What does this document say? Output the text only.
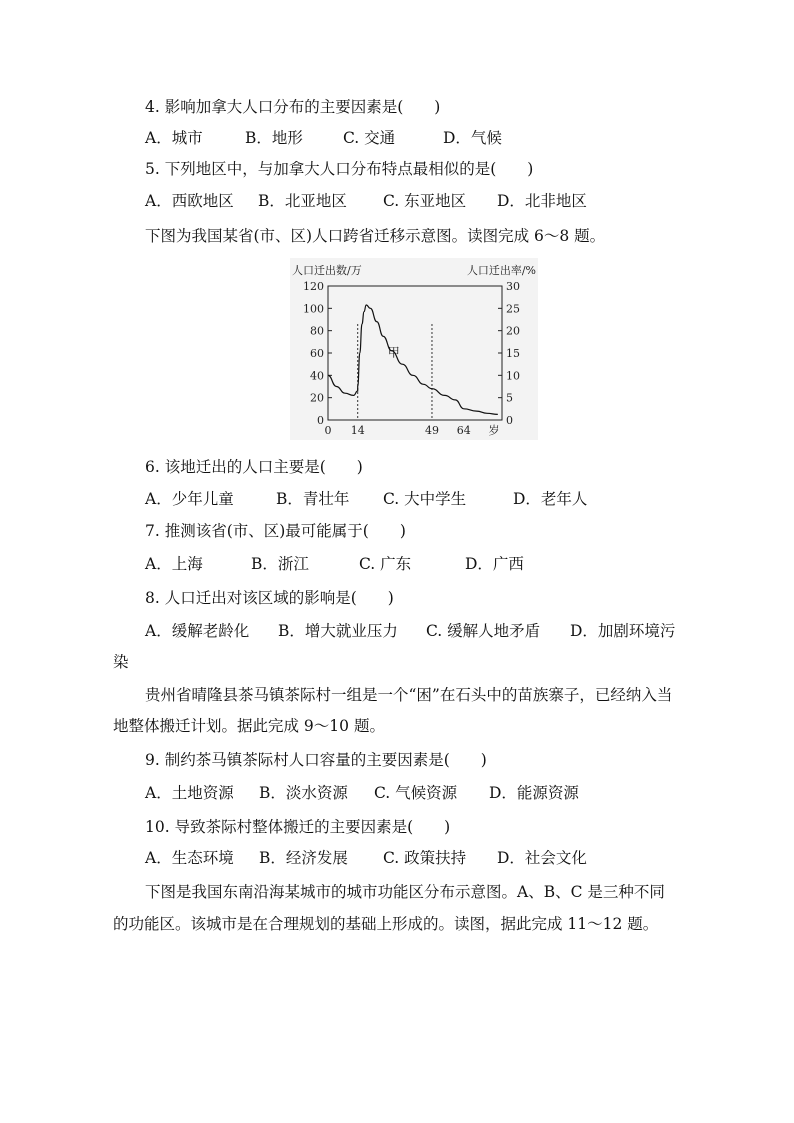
4. 影响加拿大人口分布的主要因素是(　　)
A．城市	B．地形	C. 交通	D．气候
5. 下列地区中，与加拿大人口分布特点最相似的是(　　)
A．西欧地区 B．北亚地区 C. 东亚地区 D．北非地区
下图为我国某省(市、区)人口跨省迁移示意图。读图完成 6～8 题。
人口迁出数/万	人口迁出率/%
120
100
80
60
40
20
0
30
25
20
15
10
5
0
0 14	49 64 岁
甲
6. 该地迁出的人口主要是(　　)
A．少年儿童	B．青壮年 C. 大中学生	D．老年人
7. 推测该省(市、区)最可能属于(　　)
A．上海	B．浙江	C. 广东	D．广西
8. 人口迁出对该区域的影响是(　　)
A．缓解老龄化 B．增大就业压力 C. 缓解人地矛盾 D．加剧环境污
染
贵州省晴隆县茶马镇茶际村一组是一个“困”在石头中的苗族寨子，已经纳入当
地整体搬迁计划。据此完成 9～10 题。
9. 制约茶马镇茶际村人口容量的主要因素是(　　)
A．土地资源 B．淡水资源 C. 气候资源 D．能源资源
10. 导致茶际村整体搬迁的主要因素是(　　)
A．生态环境 B．经济发展 C. 政策扶持 D．社会文化
下图是我国东南沿海某城市的城市功能区分布示意图。A、B、C 是三种不同
的功能区。该城市是在合理规划的基础上形成的。读图，据此完成 11～12 题。
